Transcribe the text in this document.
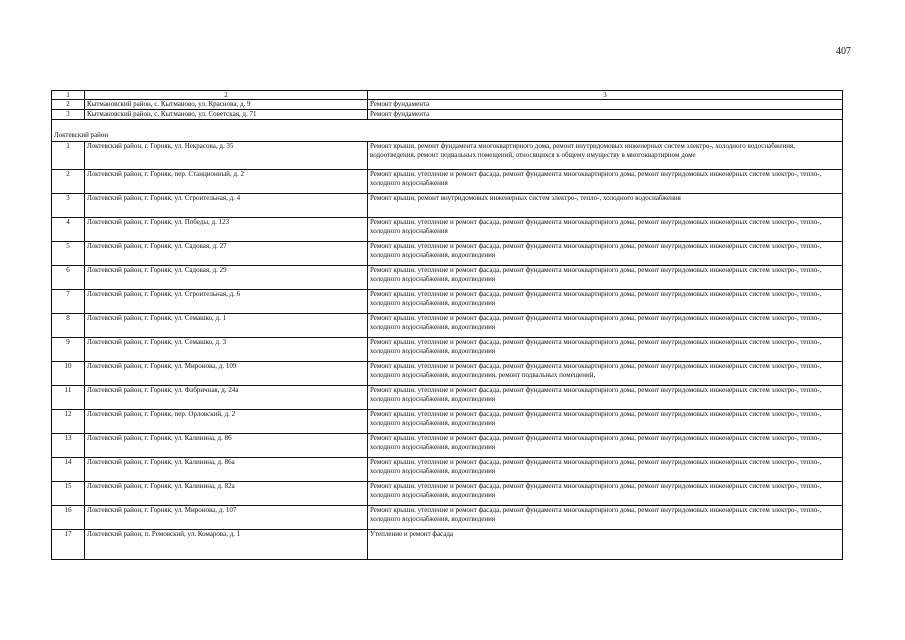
407
1	2	3
2	Кытмановский район, с. Кытманово, ул. Краснова, д. 9	Ремонт фундамента
3	Кытмановский район, с. Кытманово, ул. Советская, д. 71	Ремонт фундамента

Локтевский район		
1	Локтевский район, г. Горняк, ул. Некрасова, д. 35	Ремонт крыши, ремонт фундамента многоквартирного дома, ремонт внутридомовых инженерных систем электро-, холодного водоснабжения, водоотведения, ремонт подвальных помещений, относящихся к общему имуществу в многоквартирном доме
2	Локтевский район, г. Горняк, пер. Станционный, д. 2	Ремонт крыши, утепление и ремонт фасада, ремонт фундамента многоквартирного дома, ремонт внутридомовых инженерных систем электро-, тепло-, холодного водоснабжения
3	Локтевский район, г. Горняк, ул. Строительная, д. 4	Ремонт крыши, ремонт внутридомовых инженерных систем электро-, тепло-, холодного водоснабжения
4	Локтевский район, г. Горняк, ул. Победы, д. 123	Ремонт крыши, утепление и ремонт фасада, ремонт фундамента многоквартирного дома, ремонт внутридомовых инженерных систем электро-, тепло-, холодного водоснабжения
5	Локтевский район, г. Горняк, ул. Садовая, д. 27	Ремонт крыши, утепление и ремонт фасада, ремонт фундамента многоквартирного дома, ремонт внутридомовых инженерных систем электро-, тепло-, холодного водоснабжения, водоотведения
6	Локтевский район, г. Горняк, ул. Садовая, д. 29	Ремонт крыши, утепление и ремонт фасада, ремонт фундамента многоквартирного дома, ремонт внутридомовых инженерных систем электро-, тепло-, холодного водоснабжения, водоотведения
7	Локтевский район, г. Горняк, ул. Строительная, д. 6	Ремонт крыши, утепление и ремонт фасада, ремонт фундамента многоквартирного дома, ремонт внутридомовых инженерных систем электро-, тепло-, холодного водоснабжения, водоотведения
8	Локтевский район, г. Горняк, ул. Семашко, д. 1	Ремонт крыши, утепление и ремонт фасада, ремонт фундамента многоквартирного дома, ремонт внутридомовых инженерных систем электро-, тепло-, холодного водоснабжения, водоотведения
9	Локтевский район, г. Горняк, ул. Семашко, д. 3	Ремонт крыши, утепление и ремонт фасада, ремонт фундамента многоквартирного дома, ремонт внутридомовых инженерных систем электро-, тепло-, холодного водоснабжения, водоотведения
10	Локтевский район, г. Горняк, ул. Миронова, д. 109	Ремонт крыши, утепление и ремонт фасада, ремонт фундамента многоквартирного дома, ремонт внутридомовых инженерных систем электро-, тепло-, холодного водоснабжения, водоотведения, ремонт подвальных помещений,
11	Локтевский район, г. Горняк, ул. Фабричная, д. 24а	Ремонт крыши, утепление и ремонт фасада, ремонт фундамента многоквартирного дома, ремонт внутридомовых инженерных систем электро-, тепло-, холодного водоснабжения, водоотведения
12	Локтевский район, г. Горняк, пер. Орловский, д. 2	Ремонт крыши, утепление и ремонт фасада, ремонт фундамента многоквартирного дома, ремонт внутридомовых инженерных систем электро-, тепло-, холодного водоснабжения, водоотведения
13	Локтевский район, г. Горняк, ул. Калинина, д. 86	Ремонт крыши, утепление и ремонт фасада, ремонт фундамента многоквартирного дома, ремонт внутридомовых инженерных систем электро-, тепло-, холодного водоснабжения, водоотведения
14	Локтевский район, г. Горняк, ул. Калинина, д. 86а	Ремонт крыши, утепление и ремонт фасада, ремонт фундамента многоквартирного дома, ремонт внутридомовых инженерных систем электро-, тепло-, холодного водоснабжения, водоотведения
15	Локтевский район, г. Горняк, ул. Калинина, д. 82а	Ремонт крыши, утепление и ремонт фасада, ремонт фундамента многоквартирного дома, ремонт внутридомовых инженерных систем электро-, тепло-, холодного водоснабжения, водоотведения
16	Локтевский район, г. Горняк, ул. Миронова, д. 107	Ремонт крыши, утепление и ремонт фасада, ремонт фундамента многоквартирного дома, ремонт внутридомовых инженерных систем электро-, тепло-, холодного водоснабжения, водоотведения
17	Локтевский район, п. Ремовский, ул. Комарова, д. 1	Утепление и ремонт фасада
